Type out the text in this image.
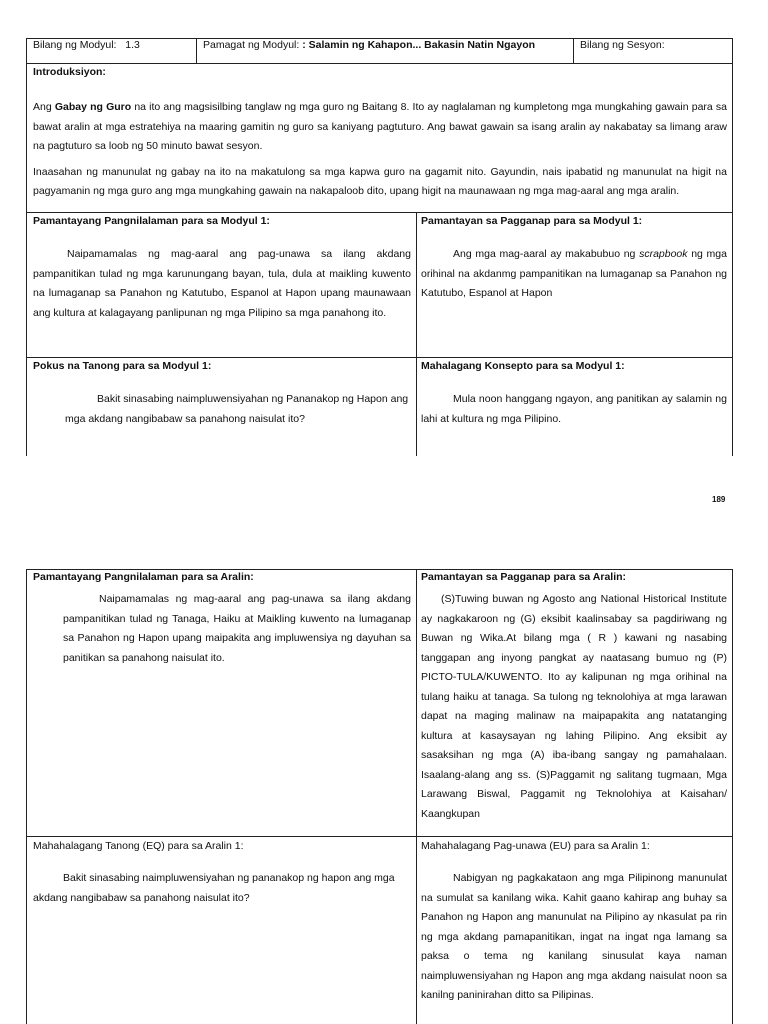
Bilang ng Modyul: 1.3	Pamagat ng Modyul: : Salamin ng Kahapon... Bakasin Natin Ngayon	Bilang ng Sesyon:

Introduksiyon:

Ang Gabay ng Guro na ito ang magsisilbing tanglaw ng mga guro ng Baitang 8. Ito ay naglalaman ng kumpletong mga mungkahing gawain para sa bawat aralin at mga estratehiya na maaring gamitin ng guro sa kaniyang pagtuturo. Ang bawat gawain sa isang aralin ay nakabatay sa limang araw na pagtuturo sa loob ng 50 minuto bawat sesyon.

Inaasahan ng manunulat ng gabay na ito na makatulong sa mga kapwa guro na gagamit nito. Gayundin, nais ipabatid ng manunulat na higit na pagyamanin ng mga guro ang mga mungkahing gawain na nakapaloob dito, upang higit na maunawaan ng mga mag-aaral ang mga aralin.

Pamantayang Pangnilalaman para sa Modyul 1:

Naipamamalas ng mag-aaral ang pag-unawa sa ilang akdang pampanitikan tulad ng mga karunungang bayan, tula, dula at maikling kuwento na lumaganap sa Panahon ng Katutubo, Espanol at Hapon upang maunawaan ang kultura at kalagayang panlipunan ng mga Pilipino sa mga panahong ito.

Pamantayan sa Pagganap para sa Modyul 1:

Ang mga mag-aaral ay makabubuo ng scrapbook ng mga orihinal na akdanmg pampanitikan na lumaganap sa Panahon ng Katutubo, Espanol at Hapon

Pokus na Tanong para sa Modyul 1:

Bakit sinasabing naimpluwensiyahan ng Pananakop ng Hapon ang mga akdang nangibabaw sa panahong naisulat ito?

Mahalagang Konsepto para sa Modyul 1:

Mula noon hanggang ngayon, ang panitikan ay salamin ng lahi at kultura ng mga Pilipino.

189

Pamantayang Pangnilalaman para sa Aralin:

Naipamamalas ng mag-aaral ang pag-unawa sa ilang akdang pampanitikan tulad ng Tanaga, Haiku at Maikling kuwento na lumaganap sa Panahon ng Hapon upang maipakita ang impluwensiya ng dayuhan sa panitikan sa panahong naisulat ito.

Pamantayan sa Pagganap para sa Aralin:

(S)Tuwing buwan ng Agosto ang National Historical Institute ay nagkakaroon ng (G) eksibit kaalinsabay sa pagdiriwang ng Buwan ng Wika.At bilang mga ( R ) kawani ng nasabing tanggapan ang inyong pangkat ay naatasang bumuo ng (P) PICTO-TULA/KUWENTO. Ito ay kalipunan ng mga orihinal na tulang haiku at tanaga. Sa tulong ng teknolohiya at mga larawan dapat na maging malinaw na maipapakita ang natatanging kultura at kasaysayan ng lahing Pilipino. Ang eksibit ay sasaksihan ng mga (A) iba-ibang sangay ng pamahalaan. Isaalang-alang ang ss. (S)Paggamit ng salitang tugmaan, Mga Larawang Biswal, Paggamit ng Teknolohiya at Kaisahan/ Kaangkupan

Mahahalagang Tanong (EQ) para sa Aralin 1:

Bakit sinasabing naimpluwensiyahan ng pananakop ng hapon ang mga akdang nangibabaw sa panahong naisulat ito?

Mahahalagang Pag-unawa (EU) para sa Aralin 1:

Nabigyan ng pagkakataon ang mga Pilipinong manunulat na sumulat sa kanilang wika. Kahit gaano kahirap ang buhay sa Panahon ng Hapon ang manunulat na Pilipino ay nkasulat pa rin ng mga akdang pamapanitikan, ingat na ingat nga lamang sa paksa o tema ng kanilang sinusulat kaya naman naimpluwensiyahan ng Hapon ang mga akdang naisulat noon sa kanilng paninirahan ditto sa Pilipinas.
